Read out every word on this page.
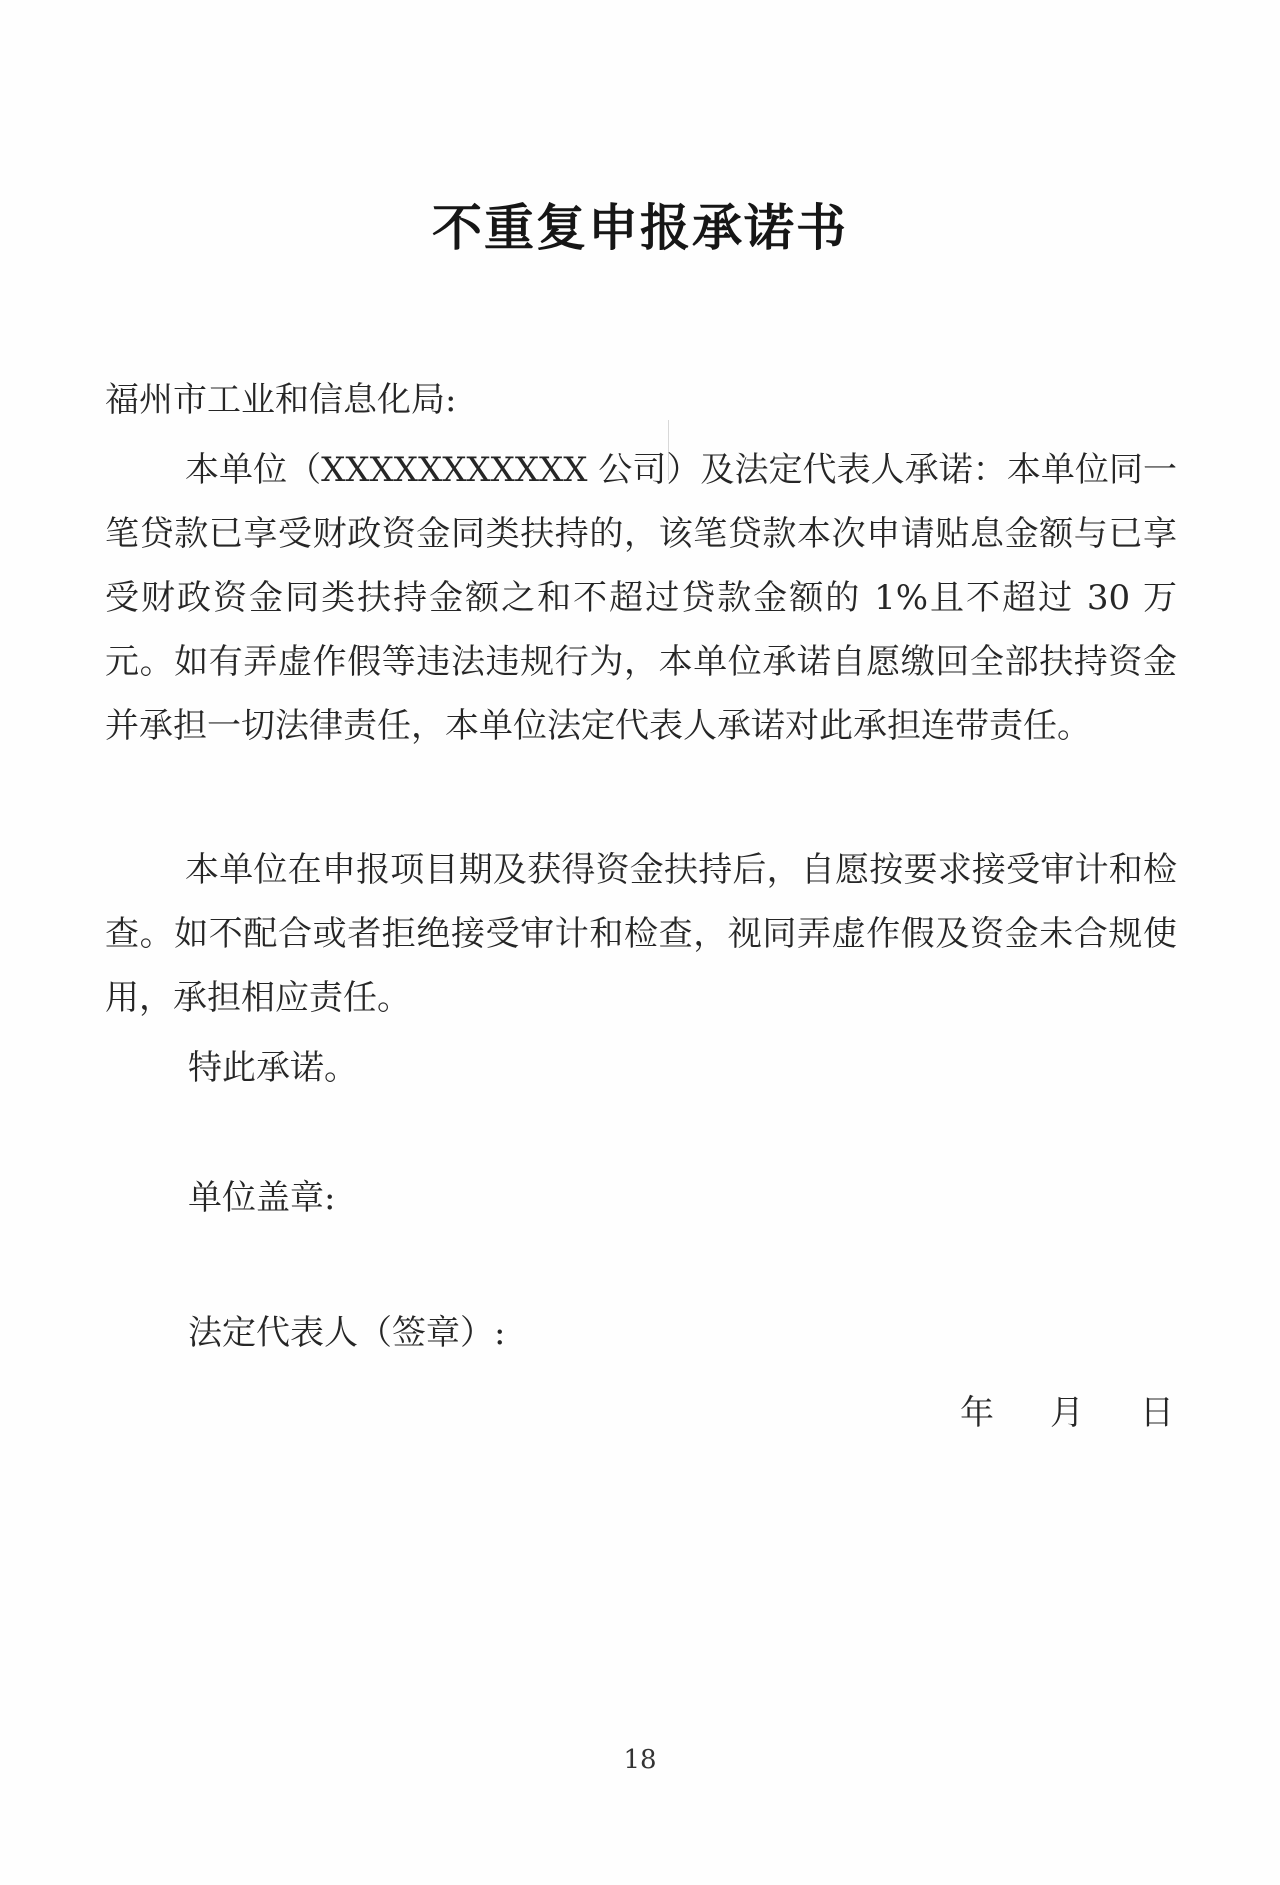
不重复申报承诺书
福州市工业和信息化局:
本单位（XXXXXXXXXXX 公司）及法定代表人承诺：本单位同一笔贷款已享受财政资金同类扶持的，该笔贷款本次申请贴息金额与已享受财政资金同类扶持金额之和不超过贷款金额的 1%且不超过 30 万元。如有弄虚作假等违法违规行为，本单位承诺自愿缴回全部扶持资金并承担一切法律责任，本单位法定代表人承诺对此承担连带责任。
本单位在申报项目期及获得资金扶持后，自愿按要求接受审计和检查。如不配合或者拒绝接受审计和检查，视同弄虚作假及资金未合规使用，承担相应责任。
特此承诺。
单位盖章:
法定代表人（签章）:
年	月	日
18
